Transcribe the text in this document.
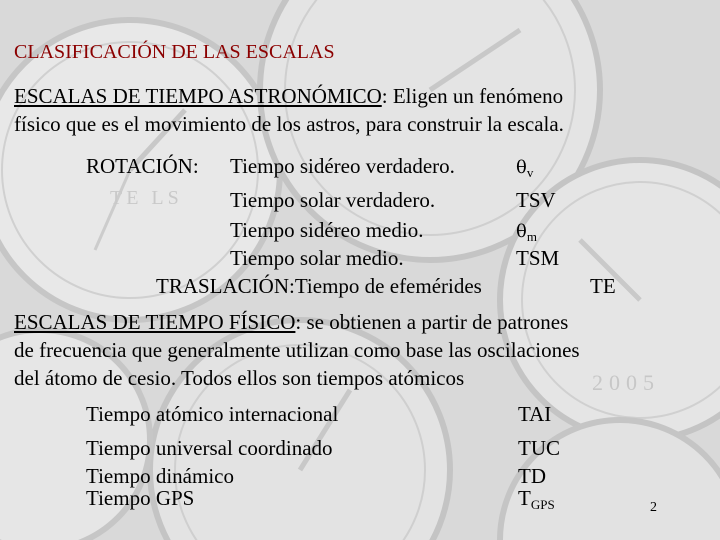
TE LS
2005
CLASIFICACIÓN DE LAS ESCALAS
ESCALAS DE TIEMPO ASTRONÓMICO: Eligen un fenómeno
físico que es el movimiento de los astros, para construir la escala.
ROTACIÓN: Tiempo sidéreo verdadero.	$\theta_v$
Tiempo solar verdadero.	TSV
Tiempo sidéreo medio.	$\theta_m$
Tiempo solar medio.	TSM
TRASLACIÓN:Tiempo de efemérides	TE
ESCALAS DE TIEMPO FÍSICO: se obtienen a partir de patrones
de frecuencia que generalmente utilizan como base las oscilaciones
del átomo de cesio. Todos ellos son tiempos atómicos
Tiempo atómico internacional	TAI
Tiempo universal coordinado	TUC
Tiempo dinámico	TD
Tiempo GPS	$T_{GPS}$	2
